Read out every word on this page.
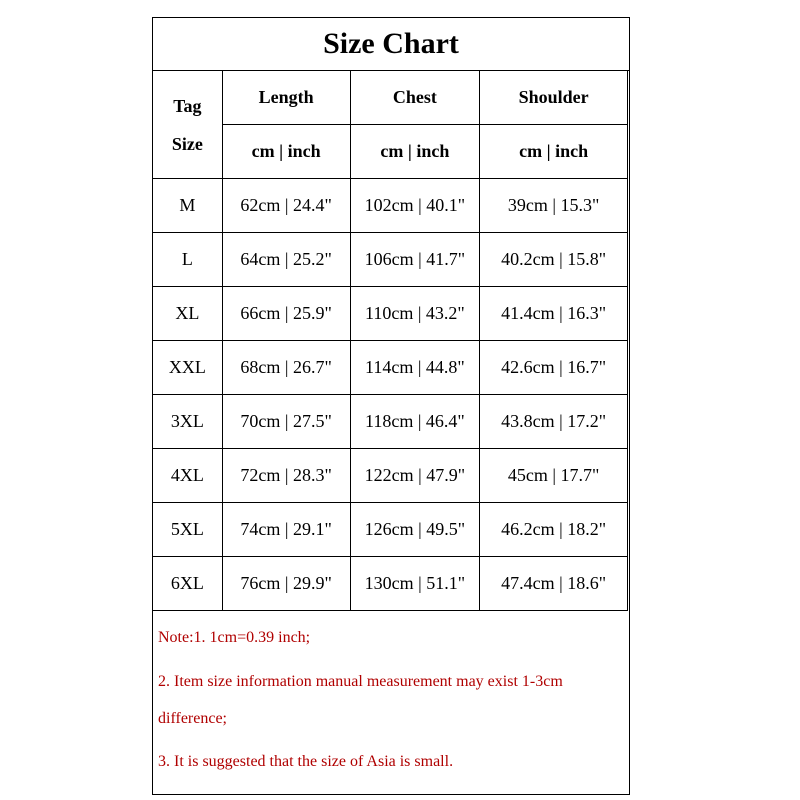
Size Chart
Tag
Size	Length	Chest	Shoulder
	cm | inch	cm | inch	cm | inch
M	62cm | 24.4"	102cm | 40.1"	39cm | 15.3"
L	64cm | 25.2"	106cm | 41.7"	40.2cm | 15.8"
XL	66cm | 25.9"	110cm | 43.2"	41.4cm | 16.3"
XXL	68cm | 26.7"	114cm | 44.8"	42.6cm | 16.7"
3XL	70cm | 27.5"	118cm | 46.4"	43.8cm | 17.2"
4XL	72cm | 28.3"	122cm | 47.9"	45cm | 17.7"
5XL	74cm | 29.1"	126cm | 49.5"	46.2cm | 18.2"
6XL	76cm | 29.9"	130cm | 51.1"	47.4cm | 18.6"
Note:1. 1cm=0.39 inch;
2. Item size information manual measurement may exist 1-3cm
difference;
3. It is suggested that the size of Asia is small.
